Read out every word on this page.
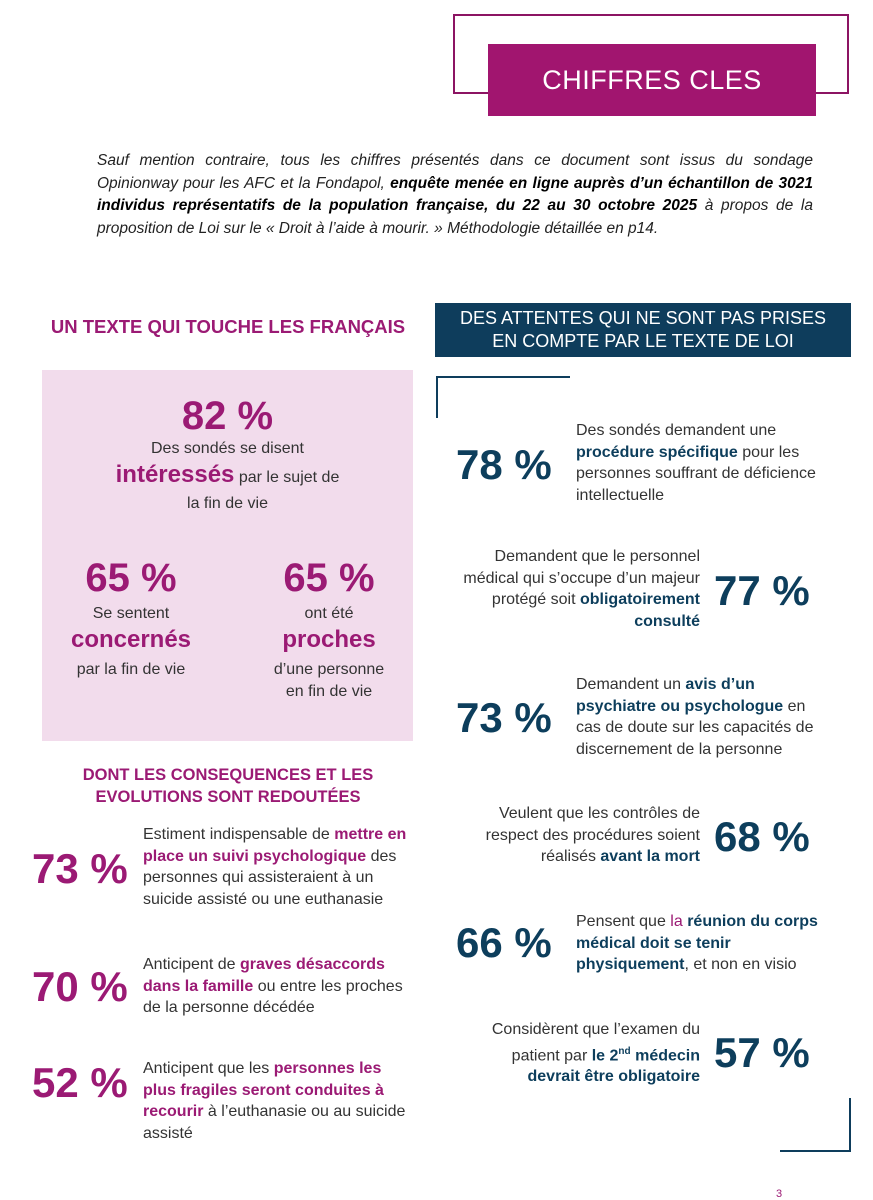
CHIFFRES CLES
Sauf mention contraire, tous les chiffres présentés dans ce document sont issus du sondage Opinionway pour les AFC et la Fondapol, enquête menée en ligne auprès d’un échantillon de 3021 individus représentatifs de la population française, du 22 au 30 octobre 2025 à propos de la proposition de Loi sur le « Droit à l’aide à mourir. » Méthodologie détaillée en p14.
UN TEXTE QUI TOUCHE LES FRANÇAIS
82 %
Des sondés se disent
intéressés par le sujet de
la fin de vie
65 %
Se sentent
concernés
par la fin de vie
65 %
ont été
proches
d’une personne
en fin de vie
DONT LES CONSEQUENCES ET LES
EVOLUTIONS SONT REDOUTÉES
73 %
Estiment indispensable de mettre en place un suivi psychologique des personnes qui assisteraient à un suicide assisté ou une euthanasie
70 % Anticipent de graves désaccords dans la famille ou entre les proches de la personne décédée
52 % Anticipent que les personnes les plus fragiles seront conduites à recourir à l’euthanasie ou au suicide assisté
DES ATTENTES QUI NE SONT PAS PRISES
EN COMPTE PAR LE TEXTE DE LOI
78 %
Des sondés demandent une procédure spécifique pour les personnes souffrant de déficience intellectuelle
Demandent que le personnel médical qui s’occupe d’un majeur protégé soit obligatoirement consulté
77 %
73 %
Demandent un avis d’un psychiatre ou psychologue en cas de doute sur les capacités de discernement de la personne
Veulent que les contrôles de respect des procédures soient réalisés avant la mort 68 %
66 % Pensent que la réunion du corps médical doit se tenir physiquement, et non en visio
Considèrent que l’examen du patient par le 2nd médecin devrait être obligatoire
57 %
3
